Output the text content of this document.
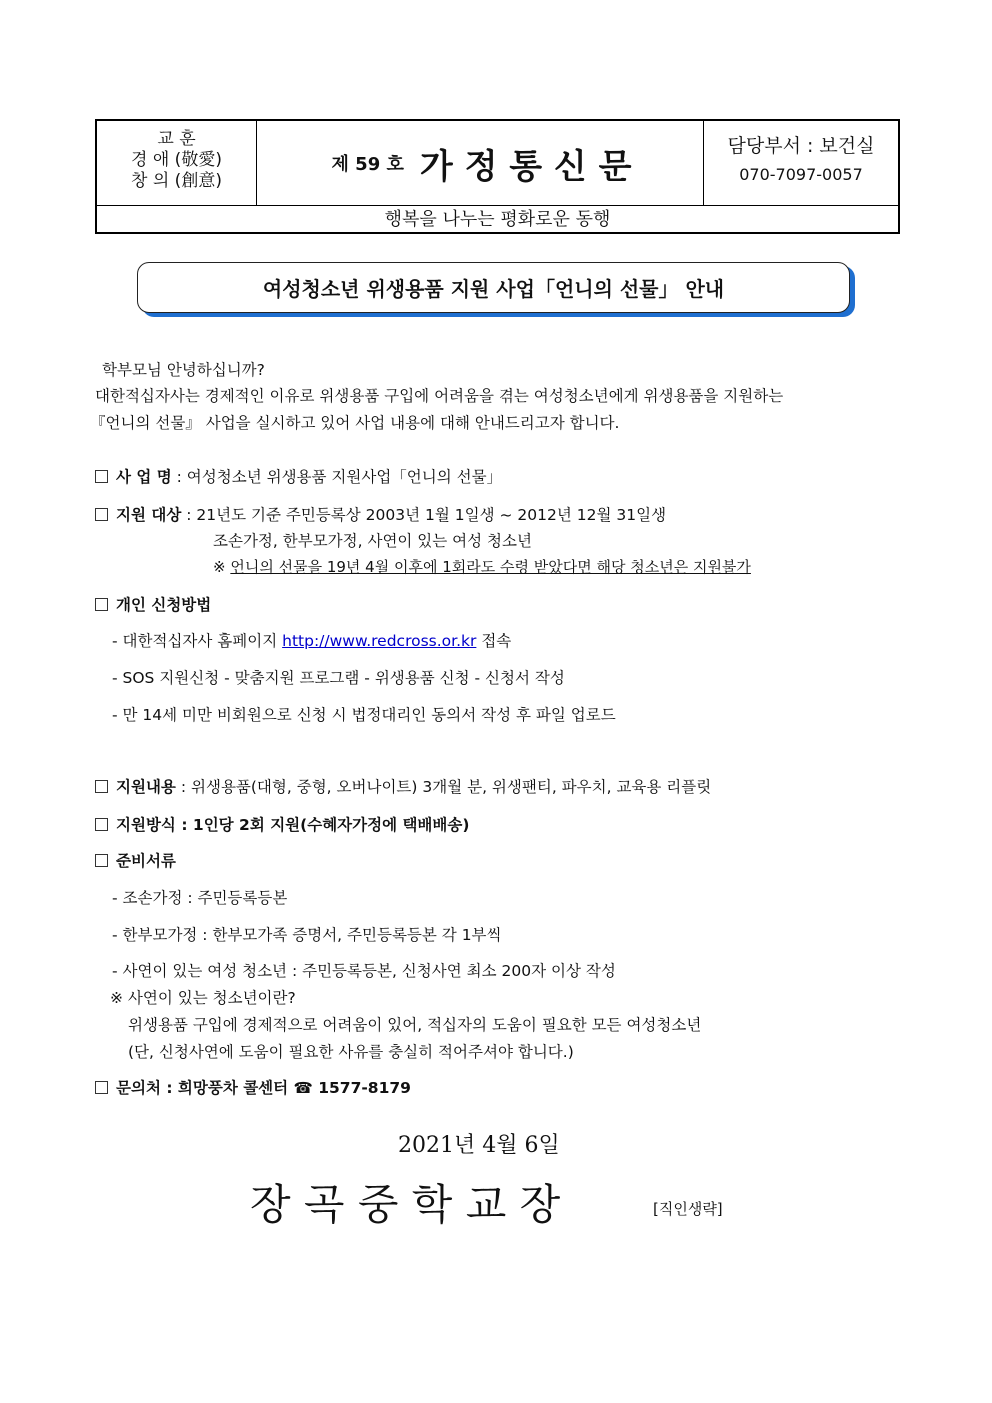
교 훈
경 애 (敬愛)
창 의 (創意)
제 59 호 가 정 통 신 문
담당부서 : 보건실
070-7097-0057
행복을 나누는 평화로운 동행
여성청소년 위생용품 지원 사업「언니의 선물」 안내
학부모님 안녕하십니까?
대한적십자사는 경제적인 이유로 위생용품 구입에 어려움을 겪는 여성청소년에게 위생용품을 지원하는
『언니의 선물』 사업을 실시하고 있어 사업 내용에 대해 안내드리고자 합니다.
사 업 명 : 여성청소년 위생용품 지원사업「언니의 선물」
지원 대상 : 21년도 기준 주민등록상 2003년 1월 1일생 ~ 2012년 12월 31일생
조손가정, 한부모가정, 사연이 있는 여성 청소년
※ 언니의 선물을 19년 4월 이후에 1회라도 수령 받았다면 해당 청소년은 지원불가
개인 신청방법
- 대한적십자사 홈페이지 http://www.redcross.or.kr 접속
- SOS 지원신청 - 맞춤지원 프로그램 - 위생용품 신청 - 신청서 작성
- 만 14세 미만 비회원으로 신청 시 법정대리인 동의서 작성 후 파일 업로드
지원내용 : 위생용품(대형, 중형, 오버나이트) 3개월 분, 위생팬티, 파우치, 교육용 리플릿
지원방식 : 1인당 2회 지원(수혜자가정에 택배배송)
준비서류
- 조손가정 : 주민등록등본
- 한부모가정 : 한부모가족 증명서, 주민등록등본 각 1부씩
- 사연이 있는 여성 청소년 : 주민등록등본, 신청사연 최소 200자 이상 작성
※ 사연이 있는 청소년이란?
위생용품 구입에 경제적으로 어려움이 있어, 적십자의 도움이 필요한 모든 여성청소년
(단, 신청사연에 도움이 필요한 사유를 충실히 적어주셔야 합니다.)
문의처 : 희망풍차 콜센터 ☎ 1577-8179
2021년 4월 6일
장 곡 중 학 교 장	[직인생략]
